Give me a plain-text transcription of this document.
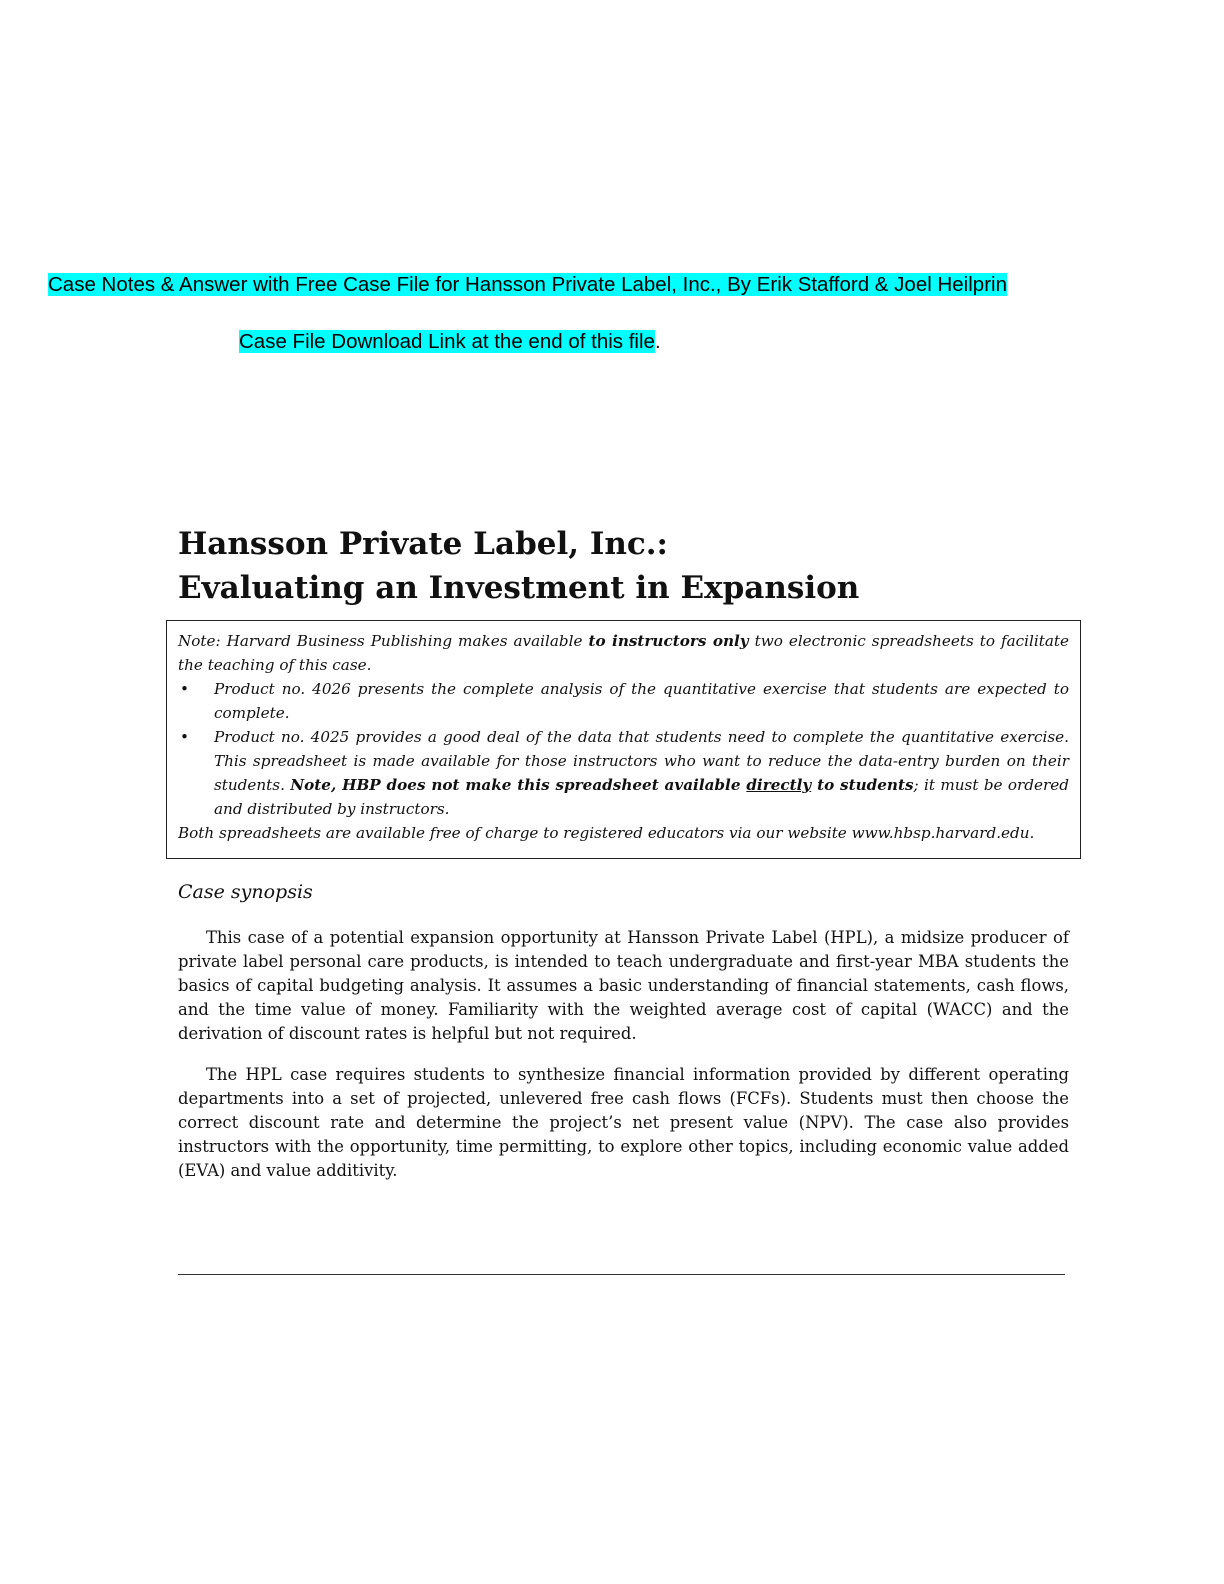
Case Notes & Answer with Free Case File for Hansson Private Label, Inc., By Erik Stafford & Joel Heilprin
Case File Download Link at the end of this file.
Hansson Private Label, Inc.:
Evaluating an Investment in Expansion

Note: Harvard Business Publishing makes available to instructors only two electronic spreadsheets to facilitate the teaching of this case.

• Product no. 4026 presents the complete analysis of the quantitative exercise that students are expected to complete.
• Product no. 4025 provides a good deal of the data that students need to complete the quantitative exercise. This spreadsheet is made available for those instructors who want to reduce the data-entry burden on their students. Note, HBP does not make this spreadsheet available directly to students; it must be ordered and distributed by instructors.

Both spreadsheets are available free of charge to registered educators via our website www.hbsp.harvard.edu.

Case synopsis

This case of a potential expansion opportunity at Hansson Private Label (HPL), a midsize producer of private label personal care products, is intended to teach undergraduate and first-year MBA students the basics of capital budgeting analysis. It assumes a basic understanding of financial statements, cash flows, and the time value of money. Familiarity with the weighted average cost of capital (WACC) and the derivation of discount rates is helpful but not required.

The HPL case requires students to synthesize financial information provided by different operating departments into a set of projected, unlevered free cash flows (FCFs). Students must then choose the correct discount rate and determine the project’s net present value (NPV). The case also provides instructors with the opportunity, time permitting, to explore other topics, including economic value added (EVA) and value additivity.
